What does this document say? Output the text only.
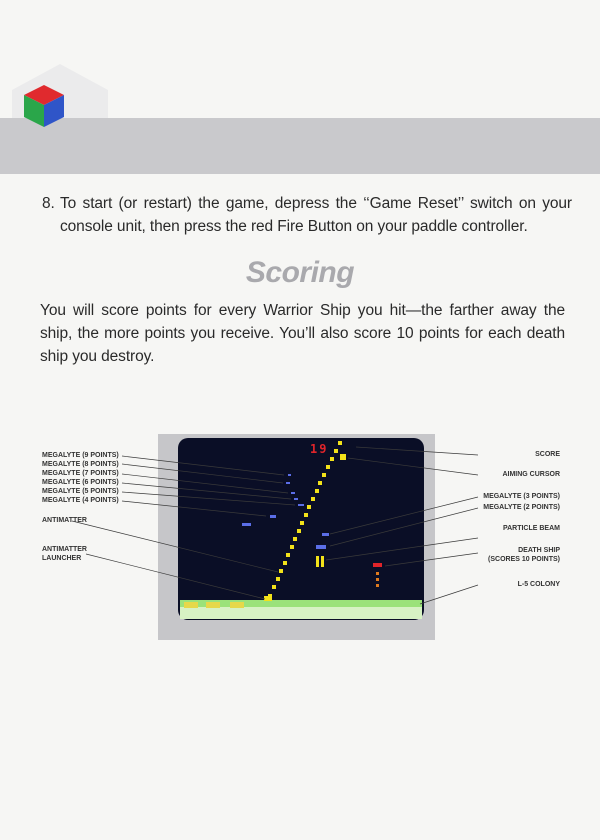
8. To start (or restart) the game, depress the ‘‘Game Reset’’ switch on your console unit, then press the red Fire Button on your paddle controller.
Scoring
You will score points for every Warrior Ship you hit—the farther away the ship, the more points you receive. You’ll also score 10 points for each death ship you destroy.
19
MEGALYTE (9 POINTS)
MEGALYTE (8 POINTS)
MEGALYTE (7 POINTS)
MEGALYTE (6 POINTS)
MEGALYTE (5 POINTS)
MEGALYTE (4 POINTS)
ANTIMATTER
ANTIMATTER
LAUNCHER
SCORE
AIMING CURSOR
MEGALYTE (3 POINTS)
MEGALYTE (2 POINTS)
PARTICLE BEAM
DEATH SHIP
(SCORES 10 POINTS)
L-5 COLONY
